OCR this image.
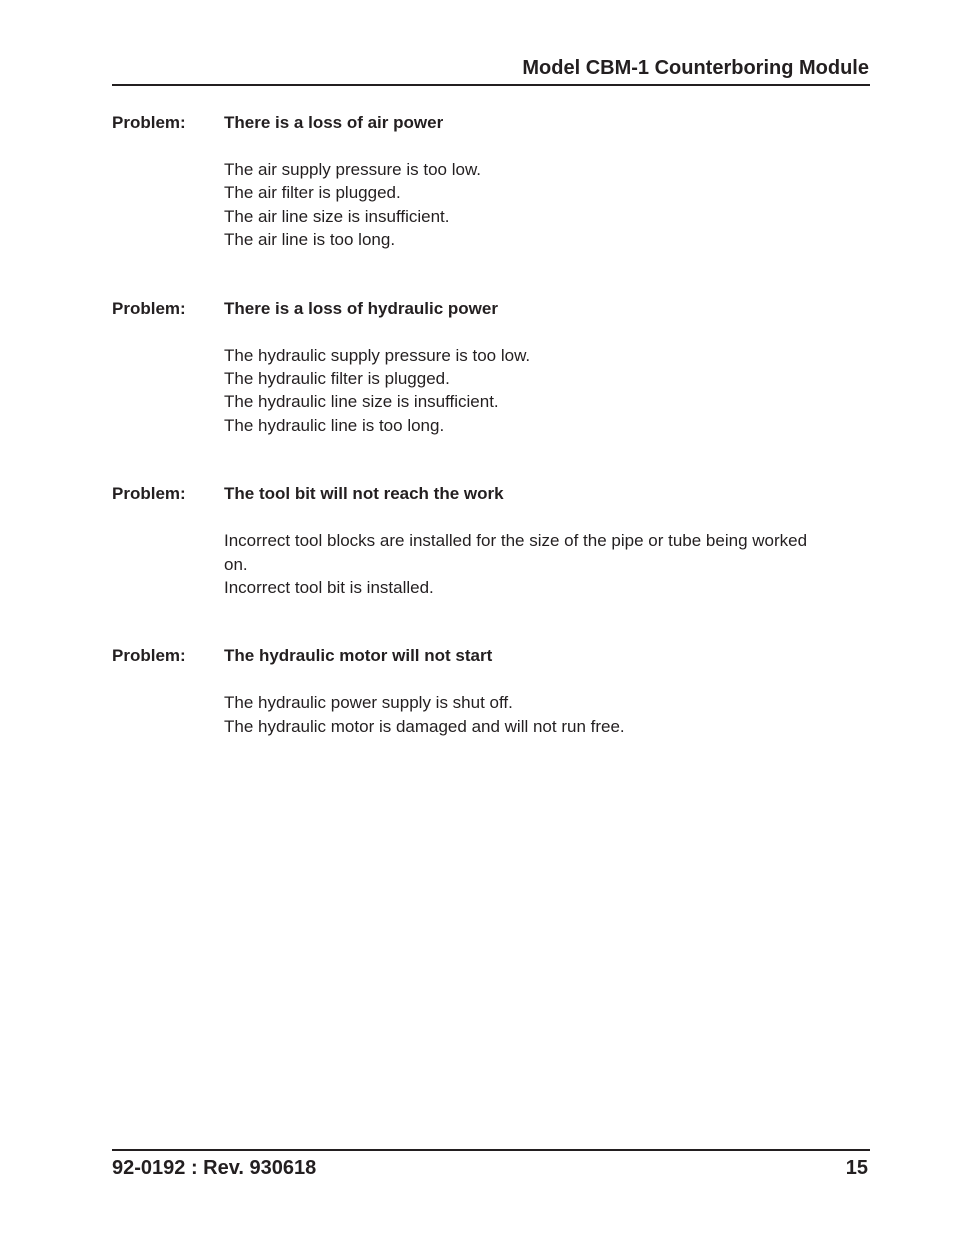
Model CBM-1 Counterboring Module
Problem:	There is a loss of air power
The air supply pressure is too low.
The air filter is plugged.
The air line size is insufficient.
The air line is too long.
Problem:	There is a loss of hydraulic power
The hydraulic supply pressure is too low.
The hydraulic filter is plugged.
The hydraulic line size is insufficient.
The hydraulic line is too long.
Problem:	The tool bit will not reach the work
Incorrect tool blocks are installed for the size of the pipe or tube being worked on.
Incorrect tool bit is installed.
Problem:	The hydraulic motor will not start
The hydraulic power supply is shut off.
The hydraulic motor is damaged and will not run free.
92-0192 : Rev. 930618	15
